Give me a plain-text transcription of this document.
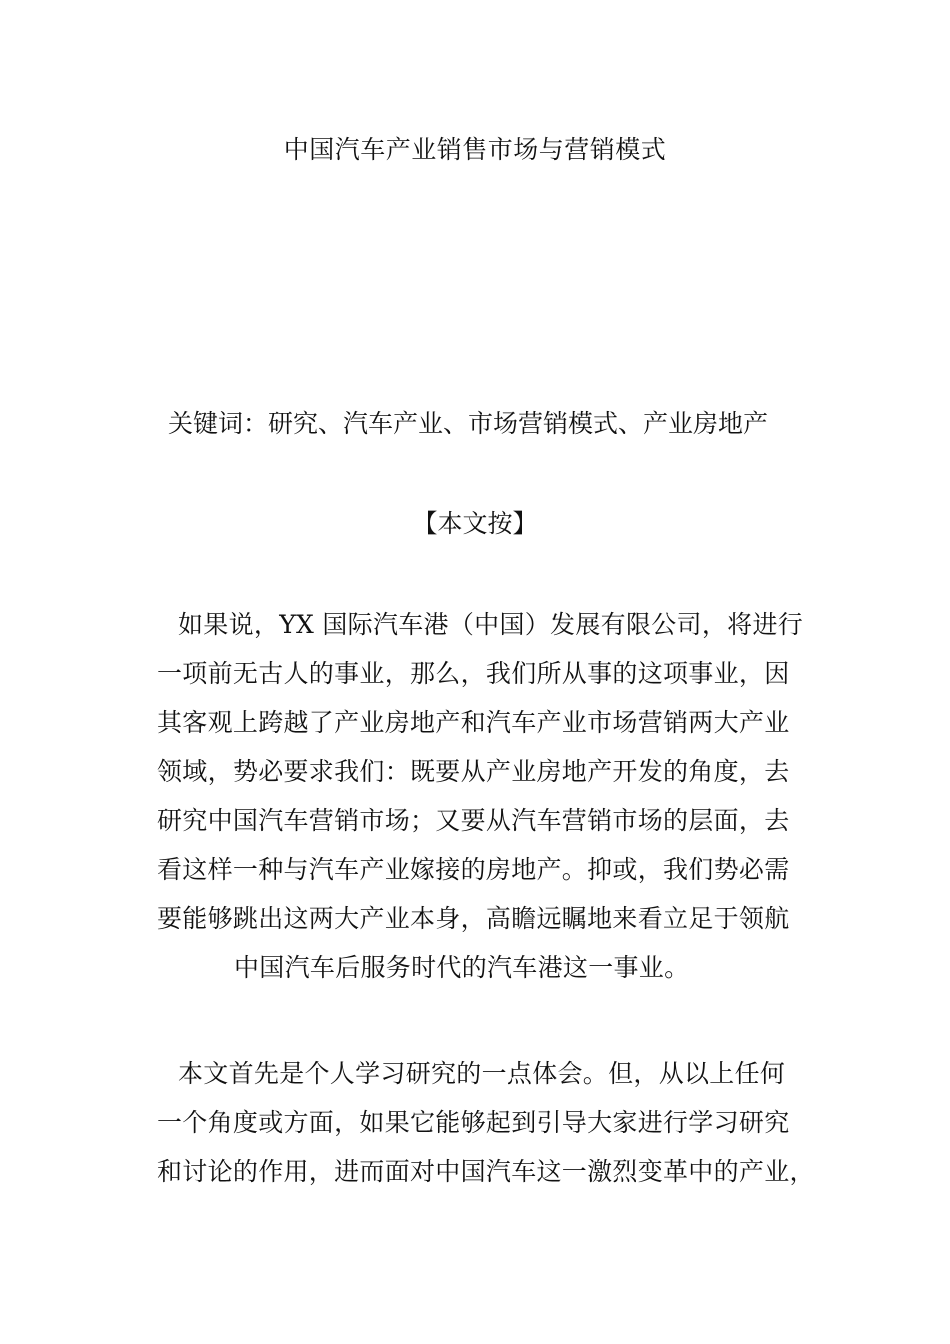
中国汽车产业销售市场与营销模式
关键词：研究、汽车产业、市场营销模式、产业房地产
【本文按】
如果说，YX 国际汽车港（中国）发展有限公司，将进行
一项前无古人的事业，那么，我们所从事的这项事业，因
其客观上跨越了产业房地产和汽车产业市场营销两大产业
领域，势必要求我们：既要从产业房地产开发的角度，去
研究中国汽车营销市场；又要从汽车营销市场的层面，去
看这样一种与汽车产业嫁接的房地产。抑或，我们势必需
要能够跳出这两大产业本身，高瞻远瞩地来看立足于领航
中国汽车后服务时代的汽车港这一事业。
本文首先是个人学习研究的一点体会。但，从以上任何
一个角度或方面，如果它能够起到引导大家进行学习研究
和讨论的作用，进而面对中国汽车这一激烈变革中的产业，
